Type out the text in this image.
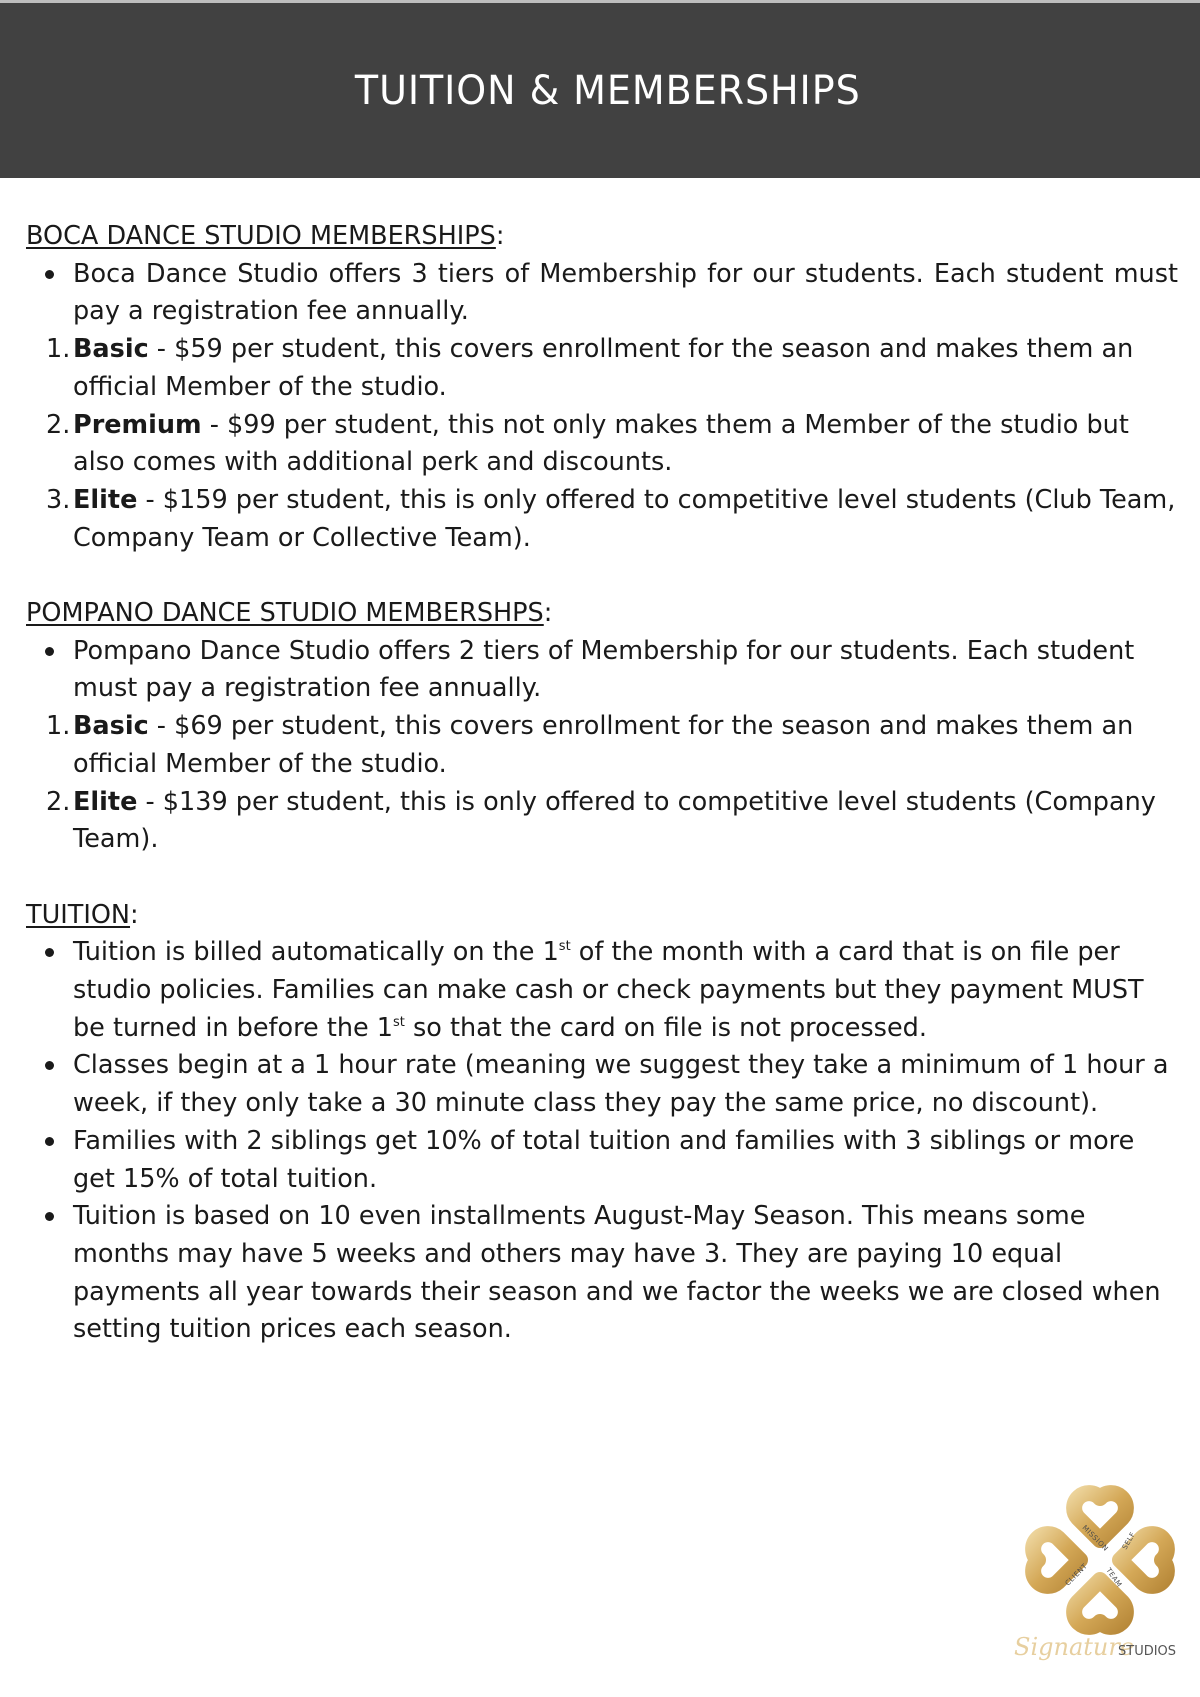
TUITION & MEMBERSHIPS
BOCA DANCE STUDIO MEMBERSHIPS:
Boca Dance Studio offers 3 tiers of Membership for our students. Each student must pay a registration fee annually.
1. Basic - $59 per student, this covers enrollment for the season and makes them an official Member of the studio.
2. Premium - $99 per student, this not only makes them a Member of the studio but also comes with additional perk and discounts.
3. Elite - $159 per student, this is only offered to competitive level students (Club Team, Company Team or Collective Team).
POMPANO DANCE STUDIO MEMBERSHPS:
Pompano Dance Studio offers 2 tiers of Membership for our students. Each student must pay a registration fee annually.
1. Basic - $69 per student, this covers enrollment for the season and makes them an official Member of the studio.
2. Elite - $139 per student, this is only offered to competitive level students (Company Team).
TUITION:
Tuition is billed automatically on the 1st of the month with a card that is on file per studio policies. Families can make cash or check payments but they payment MUST be turned in before the 1st so that the card on file is not processed.
Classes begin at a 1 hour rate (meaning we suggest they take a minimum of 1 hour a week, if they only take a 30 minute class they pay the same price, no discount).
Families with 2 siblings get 10% of total tuition and families with 3 siblings or more get 15% of total tuition.
Tuition is based on 10 even installments August-May Season. This means some months may have 5 weeks and others may have 3. They are paying 10 equal payments all year towards their season and we factor the weeks we are closed when setting tuition prices each season.
MISSION SELF
CLIENT TEAM
Signature
STUDIOS
